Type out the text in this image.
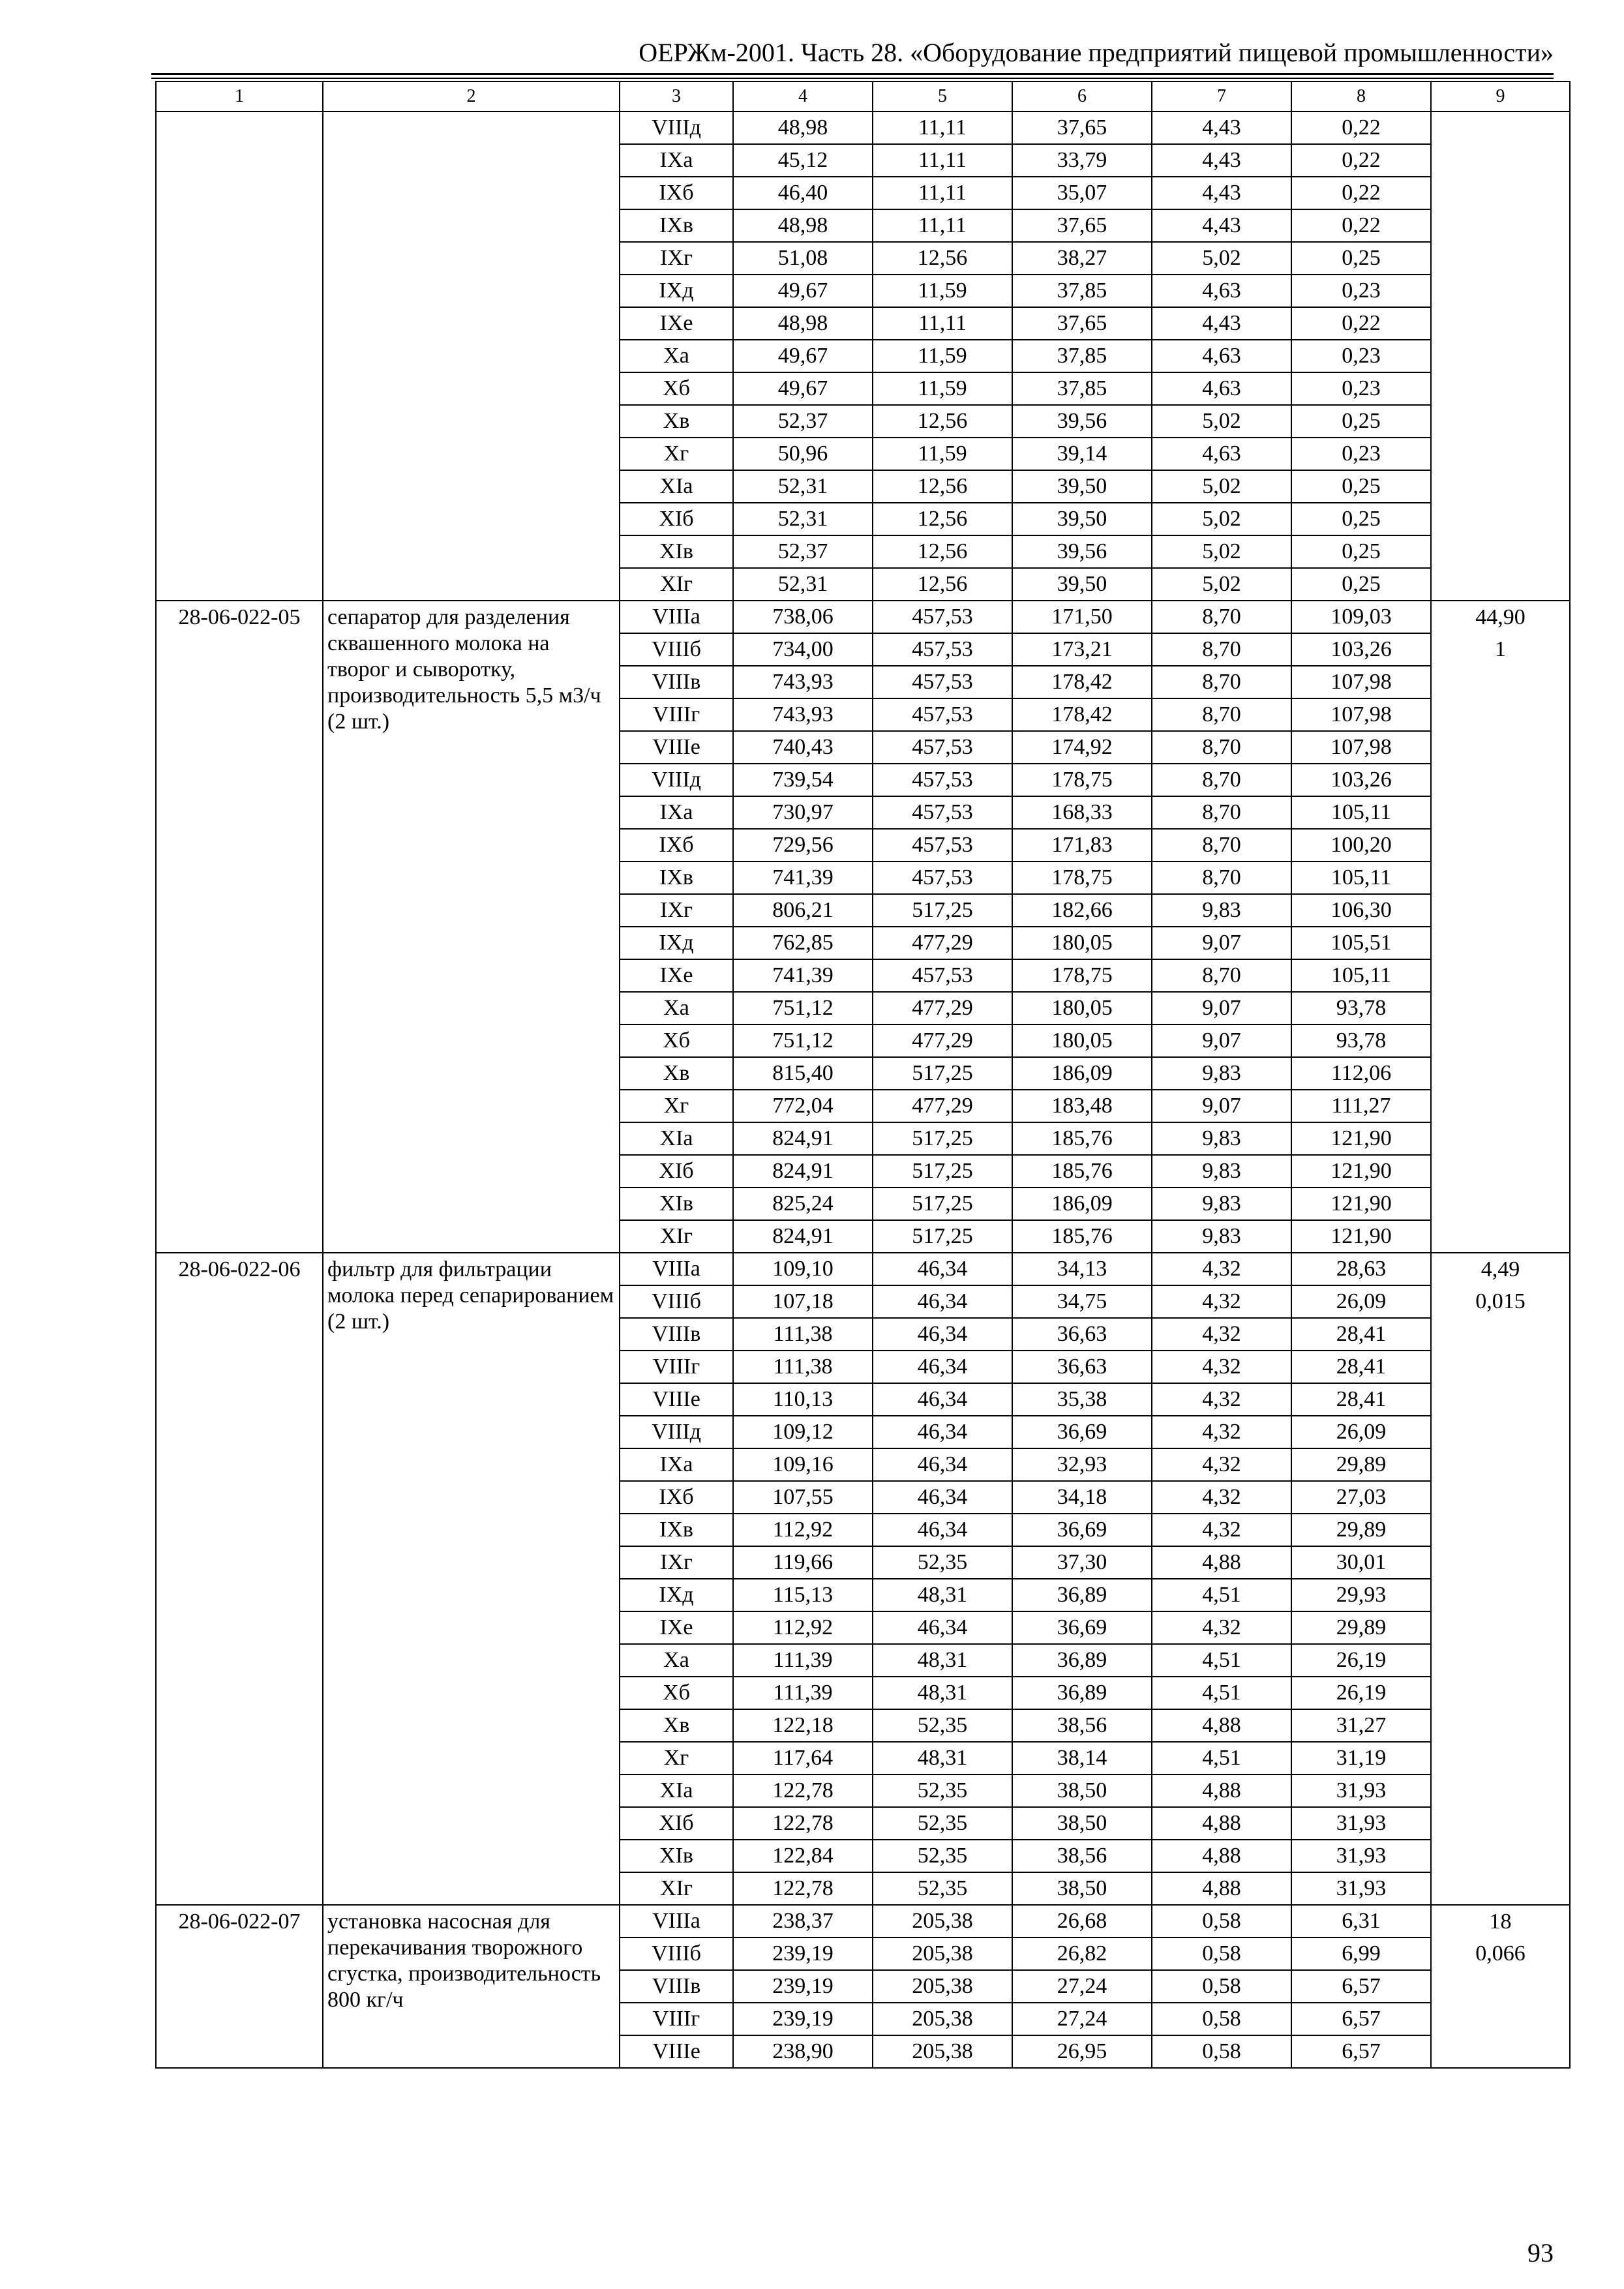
ОЕРЖм-2001. Часть 28. «Оборудование предприятий пищевой промышленности»
1	2	3	4	5	6	7	8	9
		VIIIд	48,98	11,11	37,65	4,43	0,22	
		IXа	45,12	11,11	33,79	4,43	0,22	
		IXб	46,40	11,11	35,07	4,43	0,22	
		IXв	48,98	11,11	37,65	4,43	0,22	
		IXг	51,08	12,56	38,27	5,02	0,25	
		IXд	49,67	11,59	37,85	4,63	0,23	
		IXе	48,98	11,11	37,65	4,43	0,22	
		Xа	49,67	11,59	37,85	4,63	0,23	
		Xб	49,67	11,59	37,85	4,63	0,23	
		Xв	52,37	12,56	39,56	5,02	0,25	
		Xг	50,96	11,59	39,14	4,63	0,23	
		XIа	52,31	12,56	39,50	5,02	0,25	
		XIб	52,31	12,56	39,50	5,02	0,25	
		XIв	52,37	12,56	39,56	5,02	0,25	
		XIг	52,31	12,56	39,50	5,02	0,25	
28-06-022-05	сепаратор для разделения сквашенного молока на творог и сыворотку, производительность 5,5 м3/ч (2 шт.)	VIIIа	738,06	457,53	171,50	8,70	109,03	44,90
		VIIIб	734,00	457,53	173,21	8,70	103,26	1
		VIIIв	743,93	457,53	178,42	8,70	107,98	
		VIIIг	743,93	457,53	178,42	8,70	107,98	
		VIIIе	740,43	457,53	174,92	8,70	107,98	
		VIIIд	739,54	457,53	178,75	8,70	103,26	
		IXа	730,97	457,53	168,33	8,70	105,11	
		IXб	729,56	457,53	171,83	8,70	100,20	
		IXв	741,39	457,53	178,75	8,70	105,11	
		IXг	806,21	517,25	182,66	9,83	106,30	
		IXд	762,85	477,29	180,05	9,07	105,51	
		IXе	741,39	457,53	178,75	8,70	105,11	
		Xа	751,12	477,29	180,05	9,07	93,78	
		Xб	751,12	477,29	180,05	9,07	93,78	
		Xв	815,40	517,25	186,09	9,83	112,06	
		Xг	772,04	477,29	183,48	9,07	111,27	
		XIа	824,91	517,25	185,76	9,83	121,90	
		XIб	824,91	517,25	185,76	9,83	121,90	
		XIв	825,24	517,25	186,09	9,83	121,90	
		XIг	824,91	517,25	185,76	9,83	121,90	
28-06-022-06	фильтр для фильтрации молока перед сепарированием (2 шт.)	VIIIа	109,10	46,34	34,13	4,32	28,63	4,49
		VIIIб	107,18	46,34	34,75	4,32	26,09	0,015
		VIIIв	111,38	46,34	36,63	4,32	28,41	
		VIIIг	111,38	46,34	36,63	4,32	28,41	
		VIIIе	110,13	46,34	35,38	4,32	28,41	
		VIIIд	109,12	46,34	36,69	4,32	26,09	
		IXа	109,16	46,34	32,93	4,32	29,89	
		IXб	107,55	46,34	34,18	4,32	27,03	
		IXв	112,92	46,34	36,69	4,32	29,89	
		IXг	119,66	52,35	37,30	4,88	30,01	
		IXд	115,13	48,31	36,89	4,51	29,93	
		IXе	112,92	46,34	36,69	4,32	29,89	
		Xа	111,39	48,31	36,89	4,51	26,19	
		Xб	111,39	48,31	36,89	4,51	26,19	
		Xв	122,18	52,35	38,56	4,88	31,27	
		Xг	117,64	48,31	38,14	4,51	31,19	
		XIа	122,78	52,35	38,50	4,88	31,93	
		XIб	122,78	52,35	38,50	4,88	31,93	
		XIв	122,84	52,35	38,56	4,88	31,93	
		XIг	122,78	52,35	38,50	4,88	31,93	
28-06-022-07	установка насосная для перекачивания творожного сгустка, производительность 800 кг/ч	VIIIа	238,37	205,38	26,68	0,58	6,31	18
		VIIIб	239,19	205,38	26,82	0,58	6,99	0,066
		VIIIв	239,19	205,38	27,24	0,58	6,57	
		VIIIг	239,19	205,38	27,24	0,58	6,57	
		VIIIе	238,90	205,38	26,95	0,58	6,57	
93
